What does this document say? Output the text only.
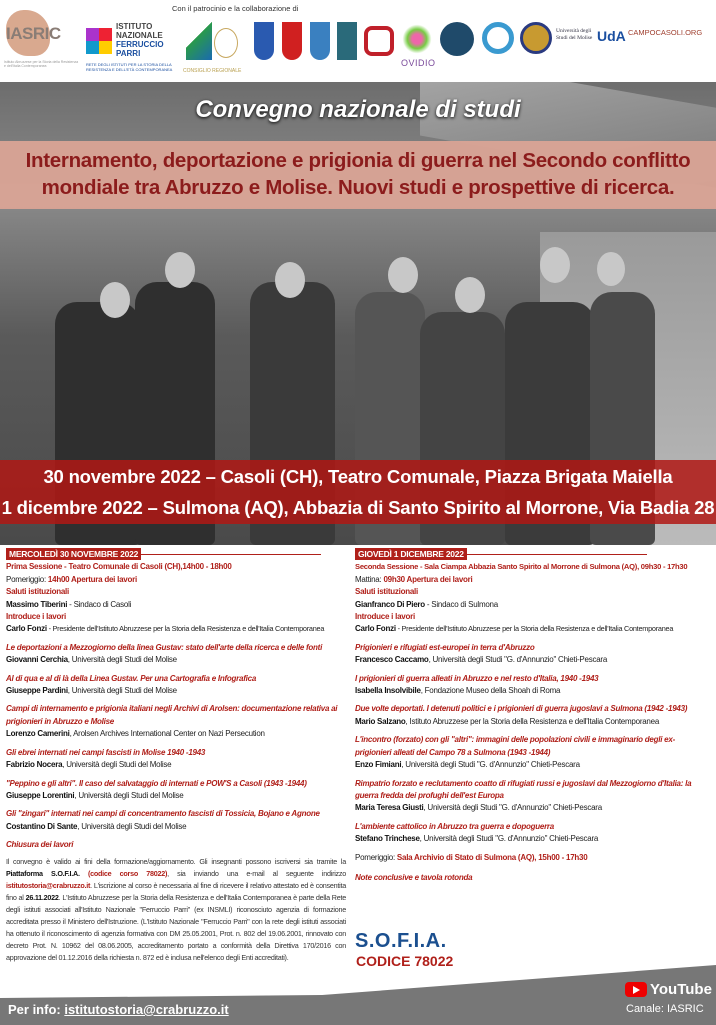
Con il patrocinio e la collaborazione di
IASRIC
Istituto Abruzzese per la Storia della Resistenza e dell'Italia Contemporanea
ISTITUTO NAZIONALE
FERRUCCIO PARRI
RETE DEGLI ISTITUTI PER LA STORIA DELLA RESISTENZA E DELL'ETÀ CONTEMPORANEA	CONSIGLIO REGIONALE
OVIDIO
Università degli Studi del Molise UdA CAMPOCASOLI.ORG
Convegno nazionale di studi
Internamento, deportazione e prigionia di guerra nel Secondo conflitto
mondiale tra Abruzzo e Molise. Nuovi studi e prospettive di ricerca.
30 novembre 2022 – Casoli (CH), Teatro Comunale, Piazza Brigata Maiella
1 dicembre 2022 – Sulmona (AQ), Abbazia di Santo Spirito al Morrone, Via Badia 28
MERCOLEDÌ 30 NOVEMBRE 2022
Prima Sessione - Teatro Comunale di Casoli (CH),14h00 - 18h00
Pomeriggio: 14h00 Apertura dei lavori
Saluti istituzionali
Massimo Tiberini - Sindaco di Casoli
Introduce i lavori
Carlo Fonzi - Presidente dell'Istituto Abruzzese per la Storia della Resistenza e dell'Italia Contemporanea
Le deportazioni a Mezzogiorno della linea Gustav: stato dell'arte della ricerca e delle fonti
Giovanni Cerchia, Università degli Studi del Molise
Al di qua e al di là della Linea Gustav. Per una Cartografia e Infografica
Giuseppe Pardini, Università degli Studi del Molise
Campi di internamento e prigionia italiani negli Archivi di Arolsen: documentazione relativa ai prigionieri in Abruzzo e Molise
Lorenzo Camerini, Arolsen Archives International Center on Nazi Persecution
Gli ebrei internati nei campi fascisti in Molise 1940 -1943
Fabrizio Nocera, Università degli Studi del Molise
"Peppino e gli altri". Il caso del salvataggio di internati e POW'S a Casoli (1943 -1944)
Giuseppe Lorentini, Università degli Studi del Molise
Gli "zingari" internati nei campi di concentramento fascisti di Tossicia, Bojano e Agnone
Costantino Di Sante, Università degli Studi del Molise
Chiusura dei lavori
Il convegno è valido ai fini della formazione/aggiornamento. Gli insegnanti possono iscriversi sia tramite la Piattaforma S.O.F.I.A. (codice corso 78022), sia inviando una e-mail al seguente indirizzo istitutostoria@crabruzzo.it. L'iscrizione al corso è necessaria al fine di ricevere il relativo attestato ed è consentita fino al 26.11.2022. L'Istituto Abruzzese per la Storia della Resistenza e dell'Italia Contemporanea è parte della Rete degli istituti associati all'Istituto Nazionale "Ferruccio Parri" (ex INSMLI) riconosciuto agenzia di formazione accreditata presso il Ministero dell'Istruzione. (L'Istituto Nazionale "Ferruccio Parri" con la rete degli istituti associati ha ottenuto il riconoscimento di agenzia formativa con DM 25.05.2001, Prot. n. 802 del 19.06.2001, rinnovato con decreto Prot. N. 10962 del 08.06.2005, accreditamento portato a conformità della Direttiva 170/2016 con approvazione del 01.12.2016 della richiesta n. 872 ed è inclusa nell'elenco degli Enti accreditati).
GIOVEDÌ 1 DICEMBRE 2022
Seconda Sessione - Sala Ciampa Abbazia Santo Spirito al Morrone di Sulmona (AQ), 09h30 - 17h30
Mattina: 09h30 Apertura dei lavori
Saluti istituzionali
Gianfranco Di Piero - Sindaco di Sulmona
Introduce i lavori
Carlo Fonzi - Presidente dell'Istituto Abruzzese per la Storia della Resistenza e dell'Italia Contemporanea
Prigionieri e rifugiati est-europei in terra d'Abruzzo
Francesco Caccamo, Università degli Studi "G. d'Annunzio" Chieti-Pescara
I prigionieri di guerra alleati in Abruzzo e nel resto d'Italia, 1940 -1943
Isabella Insolvibile, Fondazione Museo della Shoah di Roma
Due volte deportati. I detenuti politici e i prigionieri di guerra jugoslavi a Sulmona (1942 -1943)
Mario Salzano, Istituto Abruzzese per la Storia della Resistenza e dell'Italia Contemporanea
L'incontro (forzato) con gli "altri": immagini delle popolazioni civili e immaginario degli ex-prigionieri alleati del Campo 78 a Sulmona (1943 -1944)
Enzo Fimiani, Università degli Studi "G. d'Annunzio" Chieti-Pescara
Rimpatrio forzato e reclutamento coatto di rifugiati russi e jugoslavi dal Mezzogiorno d'Italia: la guerra fredda dei profughi dell'est Europa
Maria Teresa Giusti, Università degli Studi "G. d'Annunzio" Chieti-Pescara
L'ambiente cattolico in Abruzzo tra guerra e dopoguerra
Stefano Trinchese, Università degli Studi "G. d'Annunzio" Chieti-Pescara
Pomeriggio: Sala Archivio di Stato di Sulmona (AQ), 15h00 - 17h30
Note conclusive e tavola rotonda
S.O.F.I.A.
CODICE 78022
Per info: istitutostoria@crabruzzo.it
YouTube
Canale: IASRIC
